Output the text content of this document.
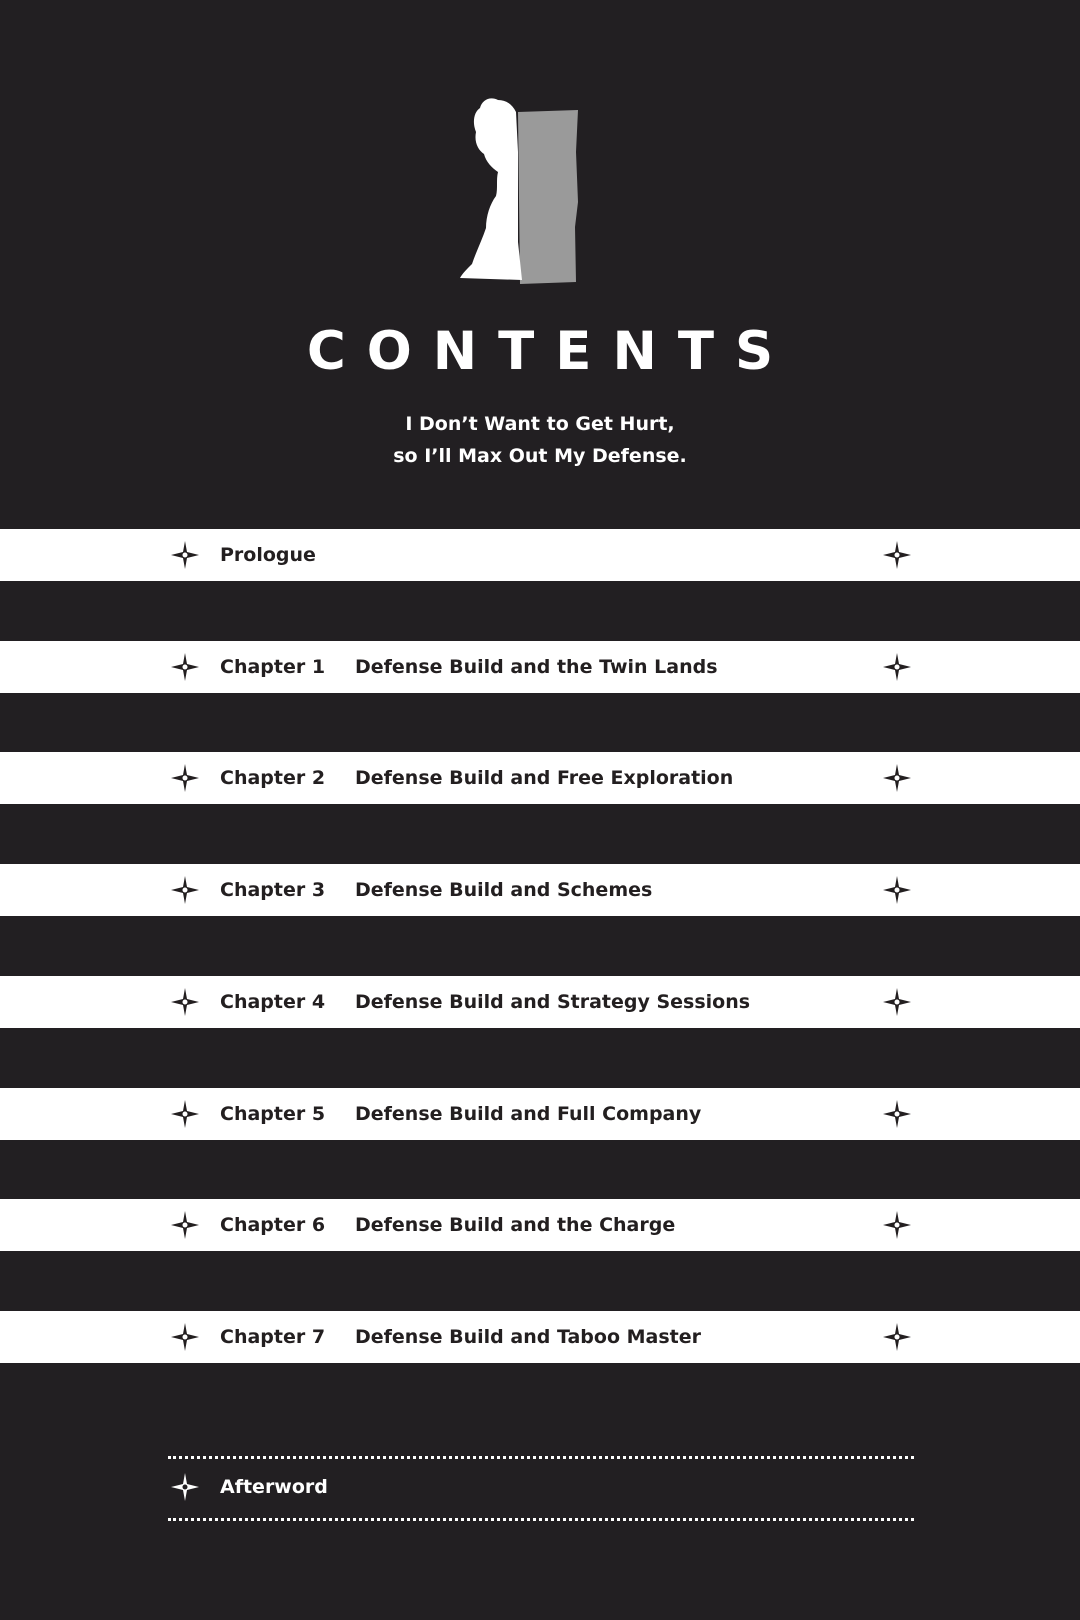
CONTENTS
I Don’t Want to Get Hurt,
so I’ll Max Out My Defense.
Prologue
Chapter 1 Defense Build and the Twin Lands
Chapter 2 Defense Build and Free Exploration
Chapter 3 Defense Build and Schemes
Chapter 4 Defense Build and Strategy Sessions
Chapter 5 Defense Build and Full Company
Chapter 6 Defense Build and the Charge
Chapter 7 Defense Build and Taboo Master
Afterword
